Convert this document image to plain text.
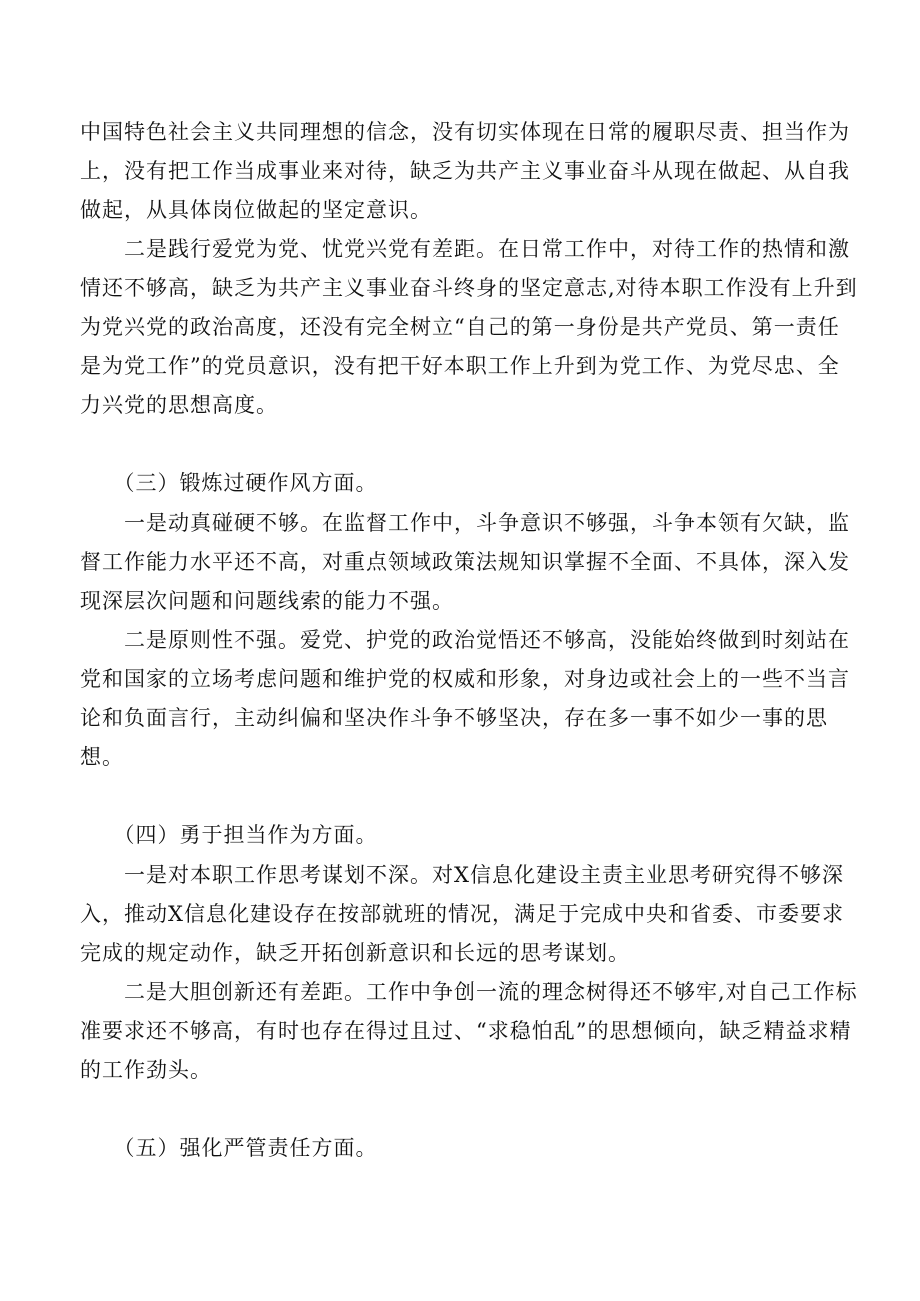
中国特色社会主义共同理想的信念，没有切实体现在日常的履职尽责、担当作为上，没有把工作当成事业来对待，缺乏为共产主义事业奋斗从现在做起、从自我做起，从具体岗位做起的坚定意识。

　　二是践行爱党为党、忧党兴党有差距。在日常工作中，对待工作的热情和激情还不够高，缺乏为共产主义事业奋斗终身的坚定意志,对待本职工作没有上升到为党兴党的政治高度，还没有完全树立“自己的第一身份是共产党员、第一责任是为党工作”的党员意识，没有把干好本职工作上升到为党工作、为党尽忠、全力兴党的思想高度。

　　（三）锻炼过硬作风方面。

　　一是动真碰硬不够。在监督工作中，斗争意识不够强，斗争本领有欠缺，监督工作能力水平还不高，对重点领域政策法规知识掌握不全面、不具体，深入发现深层次问题和问题线索的能力不强。

　　二是原则性不强。爱党、护党的政治觉悟还不够高，没能始终做到时刻站在党和国家的立场考虑问题和维护党的权威和形象，对身边或社会上的一些不当言论和负面言行，主动纠偏和坚决作斗争不够坚决，存在多一事不如少一事的思想。

　　（四）勇于担当作为方面。

　　一是对本职工作思考谋划不深。对X信息化建设主责主业思考研究得不够深入，推动X信息化建设存在按部就班的情况，满足于完成中央和省委、市委要求完成的规定动作，缺乏开拓创新意识和长远的思考谋划。

　　二是大胆创新还有差距。工作中争创一流的理念树得还不够牢,对自己工作标准要求还不够高，有时也存在得过且过、“求稳怕乱”的思想倾向，缺乏精益求精的工作劲头。

　　（五）强化严管责任方面。
